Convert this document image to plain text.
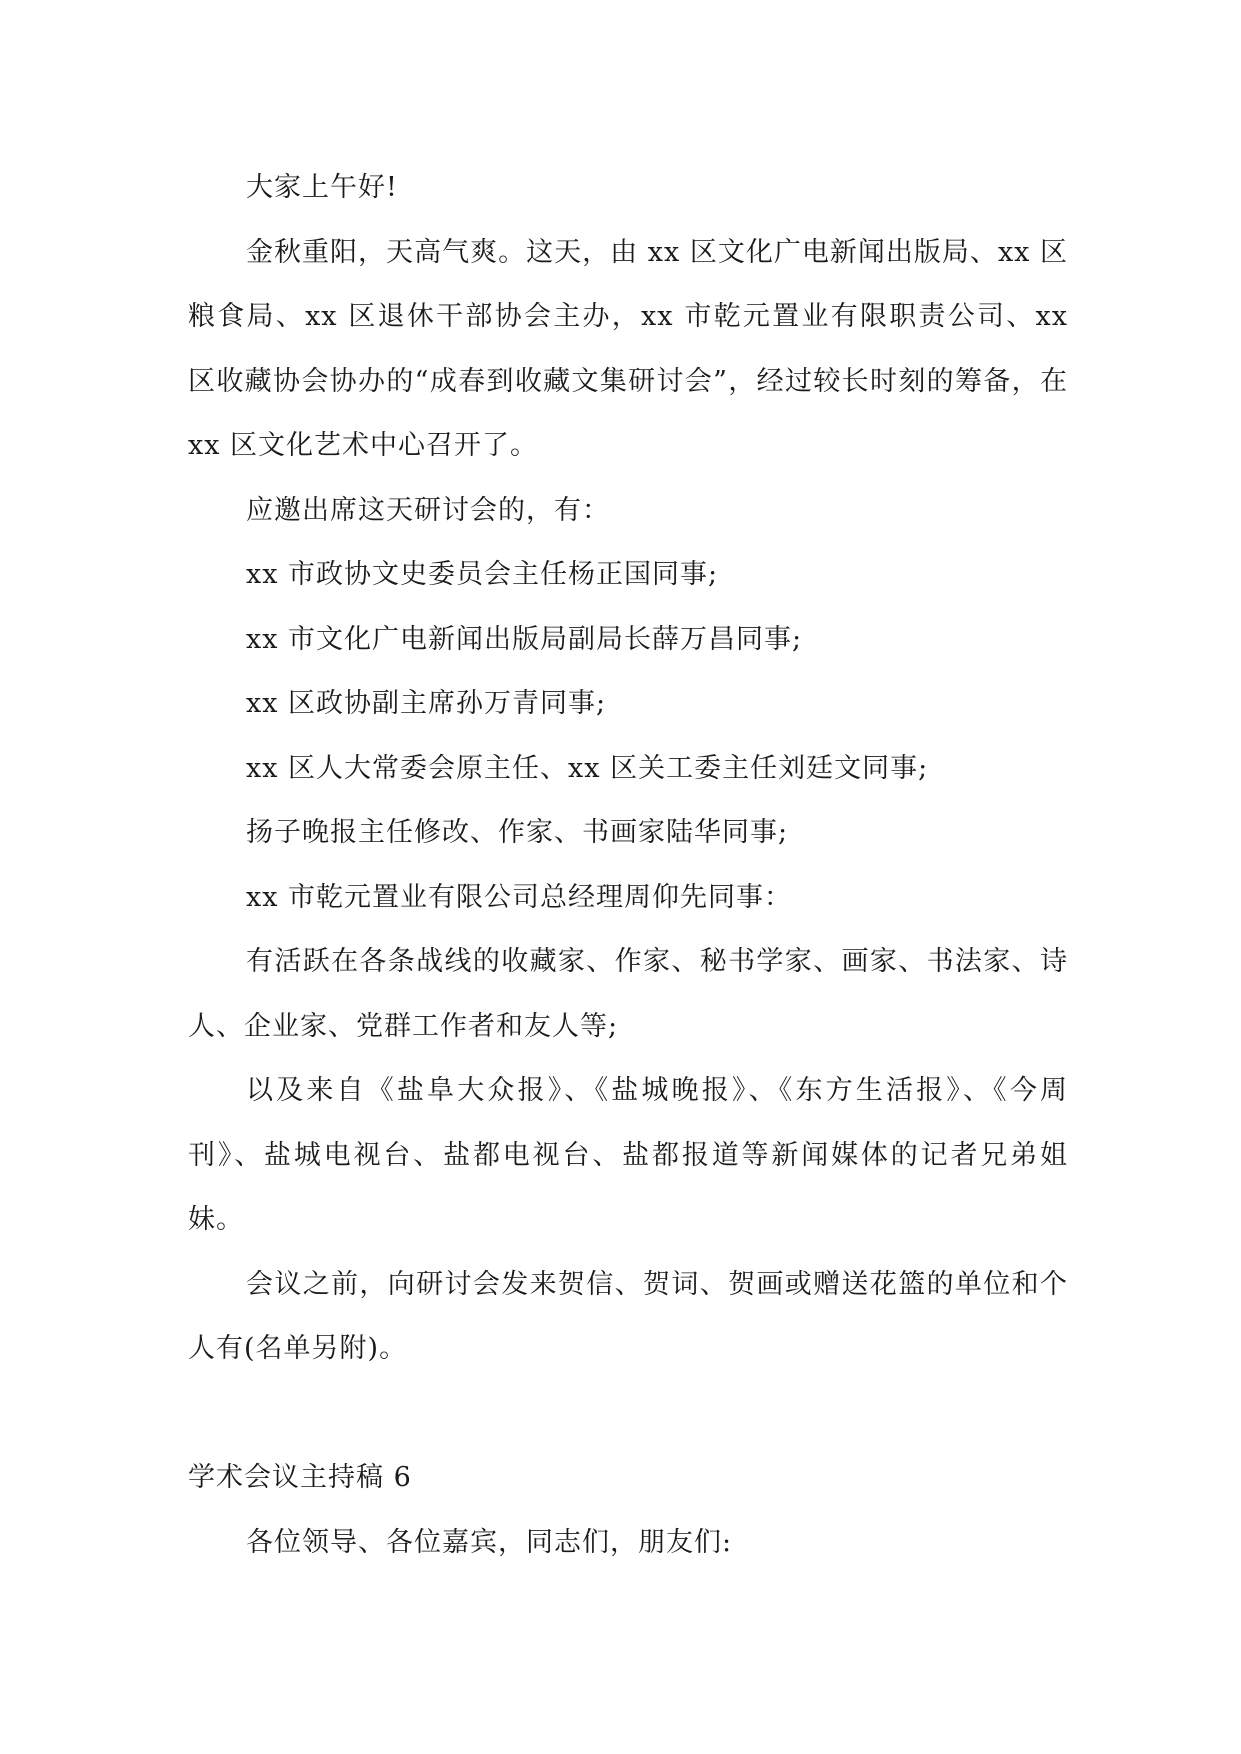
大家上午好!

金秋重阳，天高气爽。这天，由 xx 区文化广电新闻出版局、xx 区粮食局、xx 区退休干部协会主办，xx 市乾元置业有限职责公司、xx 区收藏协会协办的“成春到收藏文集研讨会”，经过较长时刻的筹备，在 xx 区文化艺术中心召开了。

应邀出席这天研讨会的，有：

xx 市政协文史委员会主任杨正国同事;

xx 市文化广电新闻出版局副局长薛万昌同事;

xx 区政协副主席孙万青同事;

xx 区人大常委会原主任、xx 区关工委主任刘廷文同事;

扬子晚报主任修改、作家、书画家陆华同事;

xx 市乾元置业有限公司总经理周仰先同事：

有活跃在各条战线的收藏家、作家、秘书学家、画家、书法家、诗人、企业家、党群工作者和友人等;

以及来自《盐阜大众报》、《盐城晚报》、《东方生活报》、《今周刊》、盐城电视台、盐都电视台、盐都报道等新闻媒体的记者兄弟姐妹。

会议之前，向研讨会发来贺信、贺词、贺画或赠送花篮的单位和个人有(名单另附)。

学术会议主持稿 6

各位领导、各位嘉宾，同志们，朋友们:
